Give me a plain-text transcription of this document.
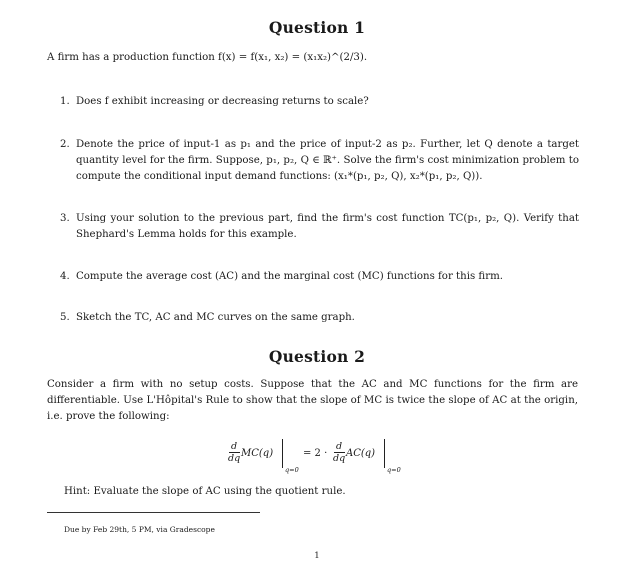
Question 1

A firm has a production function f(x) = f(x₁, x₂) = (x₁x₂)^(2/3).

1. Does f exhibit increasing or decreasing returns to scale?

2. Denote the price of input-1 as p₁ and the price of input-2 as p₂. Further, let Q denote a target quantity level for the firm. Suppose, p₁, p₂, Q ∈ ℝ⁺. Solve the firm's cost minimization problem to compute the conditional input demand functions: (x₁*(p₁, p₂, Q), x₂*(p₁, p₂, Q)).

3. Using your solution to the previous part, find the firm's cost function TC(p₁, p₂, Q). Verify that Shephard's Lemma holds for this example.

4. Compute the average cost (AC) and the marginal cost (MC) functions for this firm.

5. Sketch the TC, AC and MC curves on the same graph.

Question 2

Consider a firm with no setup costs. Suppose that the AC and MC functions for the firm are differentiable. Use L'Hôpital's Rule to show that the slope of MC is twice the slope of AC at the origin, i.e. prove the following:

d
dq MC(q)
q=0
= 2 ·
d
dq AC(q)
q=0

Hint: Evaluate the slope of AC using the quotient rule.

Due by Feb 29th, 5 PM, via Gradescope

1
